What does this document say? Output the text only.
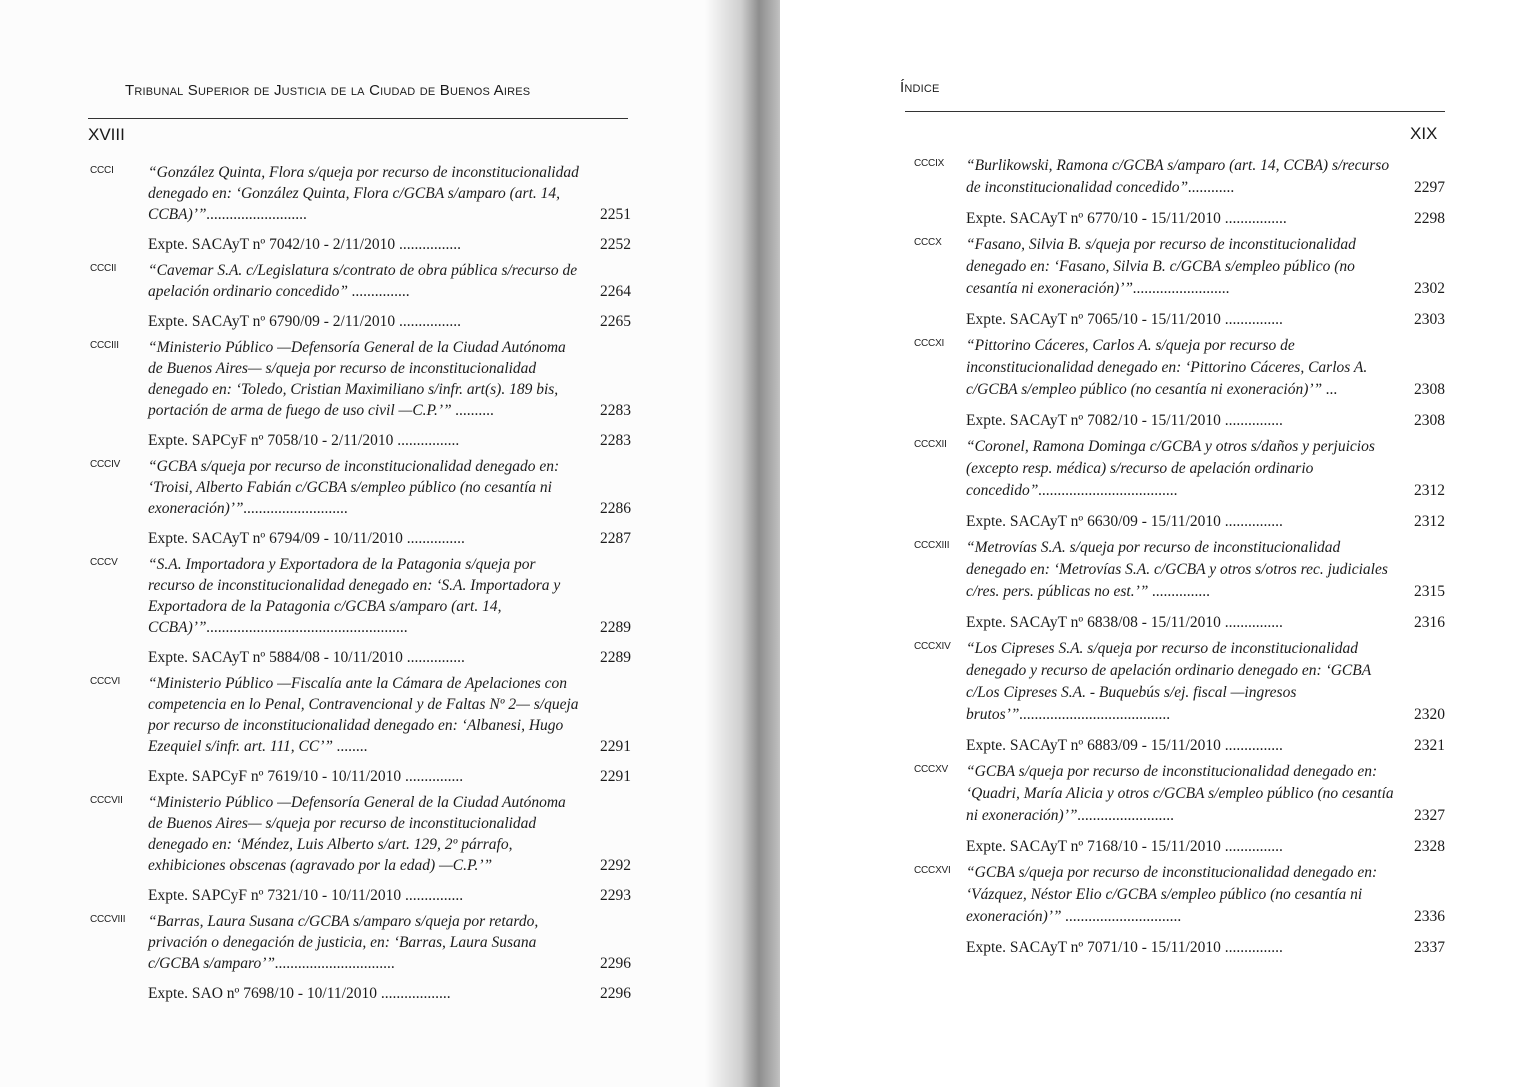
Tribunal Superior de Justicia de la Ciudad de Buenos Aires
XVIII
CCCI “González Quinta, Flora s/queja por recurso de inconstitucionalidad denegado en: ‘González Quinta, Flora c/GCBA s/amparo (art. 14, CCBA)’”..........................	2251
Expte. SACAyT nº 7042/10 - 2/11/2010 ................	2252
CCCII “Cavemar S.A. c/Legislatura s/contrato de obra pública s/recurso de apelación ordinario concedido” ...............	2264
Expte. SACAyT nº 6790/09 - 2/11/2010 ................	2265
CCCIII “Ministerio Público —Defensoría General de la Ciudad Autónoma de Buenos Aires— s/queja por recurso de inconstitucionalidad denegado en: ‘Toledo, Cristian Maximiliano s/infr. art(s). 189 bis, portación de arma de fuego de uso civil —C.P.’” ..........	2283
Expte. SAPCyF nº 7058/10 - 2/11/2010 ................	2283
CCCIV “GCBA s/queja por recurso de inconstitucionalidad denegado en: ‘Troisi, Alberto Fabián c/GCBA s/empleo público (no cesantía ni exoneración)’”...........................	2286
Expte. SACAyT nº 6794/09 - 10/11/2010 ...............	2287
CCCV “S.A. Importadora y Exportadora de la Patagonia s/queja por recurso de inconstitucionalidad denegado en: ‘S.A. Importadora y Exportadora de la Patagonia c/GCBA s/amparo (art. 14, CCBA)’”....................................................	2289
Expte. SACAyT nº 5884/08 - 10/11/2010 ...............	2289
CCCVI “Ministerio Público —Fiscalía ante la Cámara de Apelaciones con competencia en lo Penal, Contravencional y de Faltas Nº 2— s/queja por recurso de inconstitucionalidad denegado en: ‘Albanesi, Hugo Ezequiel s/infr. art. 111, CC’” ........	2291
Expte. SAPCyF nº 7619/10 - 10/11/2010 ...............	2291
CCCVII “Ministerio Público —Defensoría General de la Ciudad Autónoma de Buenos Aires— s/queja por recurso de inconstitucionalidad denegado en: ‘Méndez, Luis Alberto s/art. 129, 2º párrafo, exhibiciones obscenas (agravado por la edad) —C.P.’”	2292
Expte. SAPCyF nº 7321/10 - 10/11/2010 ...............	2293
CCCVIII “Barras, Laura Susana c/GCBA s/amparo s/queja por retardo, privación o denegación de justicia, en: ‘Barras, Laura Susana c/GCBA s/amparo’”...............................	2296
Expte. SAO nº 7698/10 - 10/11/2010 ..................	2296
Índice
XIX
CCCIX “Burlikowski, Ramona c/GCBA s/amparo (art. 14, CCBA) s/recurso de inconstitucionalidad concedido”............	2297
Expte. SACAyT nº 6770/10 - 15/11/2010 ................	2298
CCCX “Fasano, Silvia B. s/queja por recurso de inconstitucionalidad denegado en: ‘Fasano, Silvia B. c/GCBA s/empleo público (no cesantía ni exoneración)’”.........................	2302
Expte. SACAyT nº 7065/10 - 15/11/2010 ...............	2303
CCCXI “Pittorino Cáceres, Carlos A. s/queja por recurso de inconstitucionalidad denegado en: ‘Pittorino Cáceres, Carlos A. c/GCBA s/empleo público (no cesantía ni exoneración)’” ...	2308
Expte. SACAyT nº 7082/10 - 15/11/2010 ...............	2308
CCCXII “Coronel, Ramona Dominga c/GCBA y otros s/daños y perjuicios (excepto resp. médica) s/recurso de apelación ordinario concedido”....................................	2312
Expte. SACAyT nº 6630/09 - 15/11/2010 ...............	2312
CCCXIII “Metrovías S.A. s/queja por recurso de inconstitucionalidad denegado en: ‘Metrovías S.A. c/GCBA y otros s/otros rec. judiciales c/res. pers. públicas no est.’” ...............	2315
Expte. SACAyT nº 6838/08 - 15/11/2010 ...............	2316
CCCXIV “Los Cipreses S.A. s/queja por recurso de inconstitucionalidad denegado y recurso de apelación ordinario denegado en: ‘GCBA c/Los Cipreses S.A. - Buquebús s/ej. fiscal —ingresos brutos’”.......................................	2320
Expte. SACAyT nº 6883/09 - 15/11/2010 ...............	2321
CCCXV “GCBA s/queja por recurso de inconstitucionalidad denegado en: ‘Quadri, María Alicia y otros c/GCBA s/empleo público (no cesantía ni exoneración)’”.........................	2327
Expte. SACAyT nº 7168/10 - 15/11/2010 ...............	2328
CCCXVI “GCBA s/queja por recurso de inconstitucionalidad denegado en: ‘Vázquez, Néstor Elio c/GCBA s/empleo público (no cesantía ni exoneración)’” ..............................	2336
Expte. SACAyT nº 7071/10 - 15/11/2010 ...............	2337
